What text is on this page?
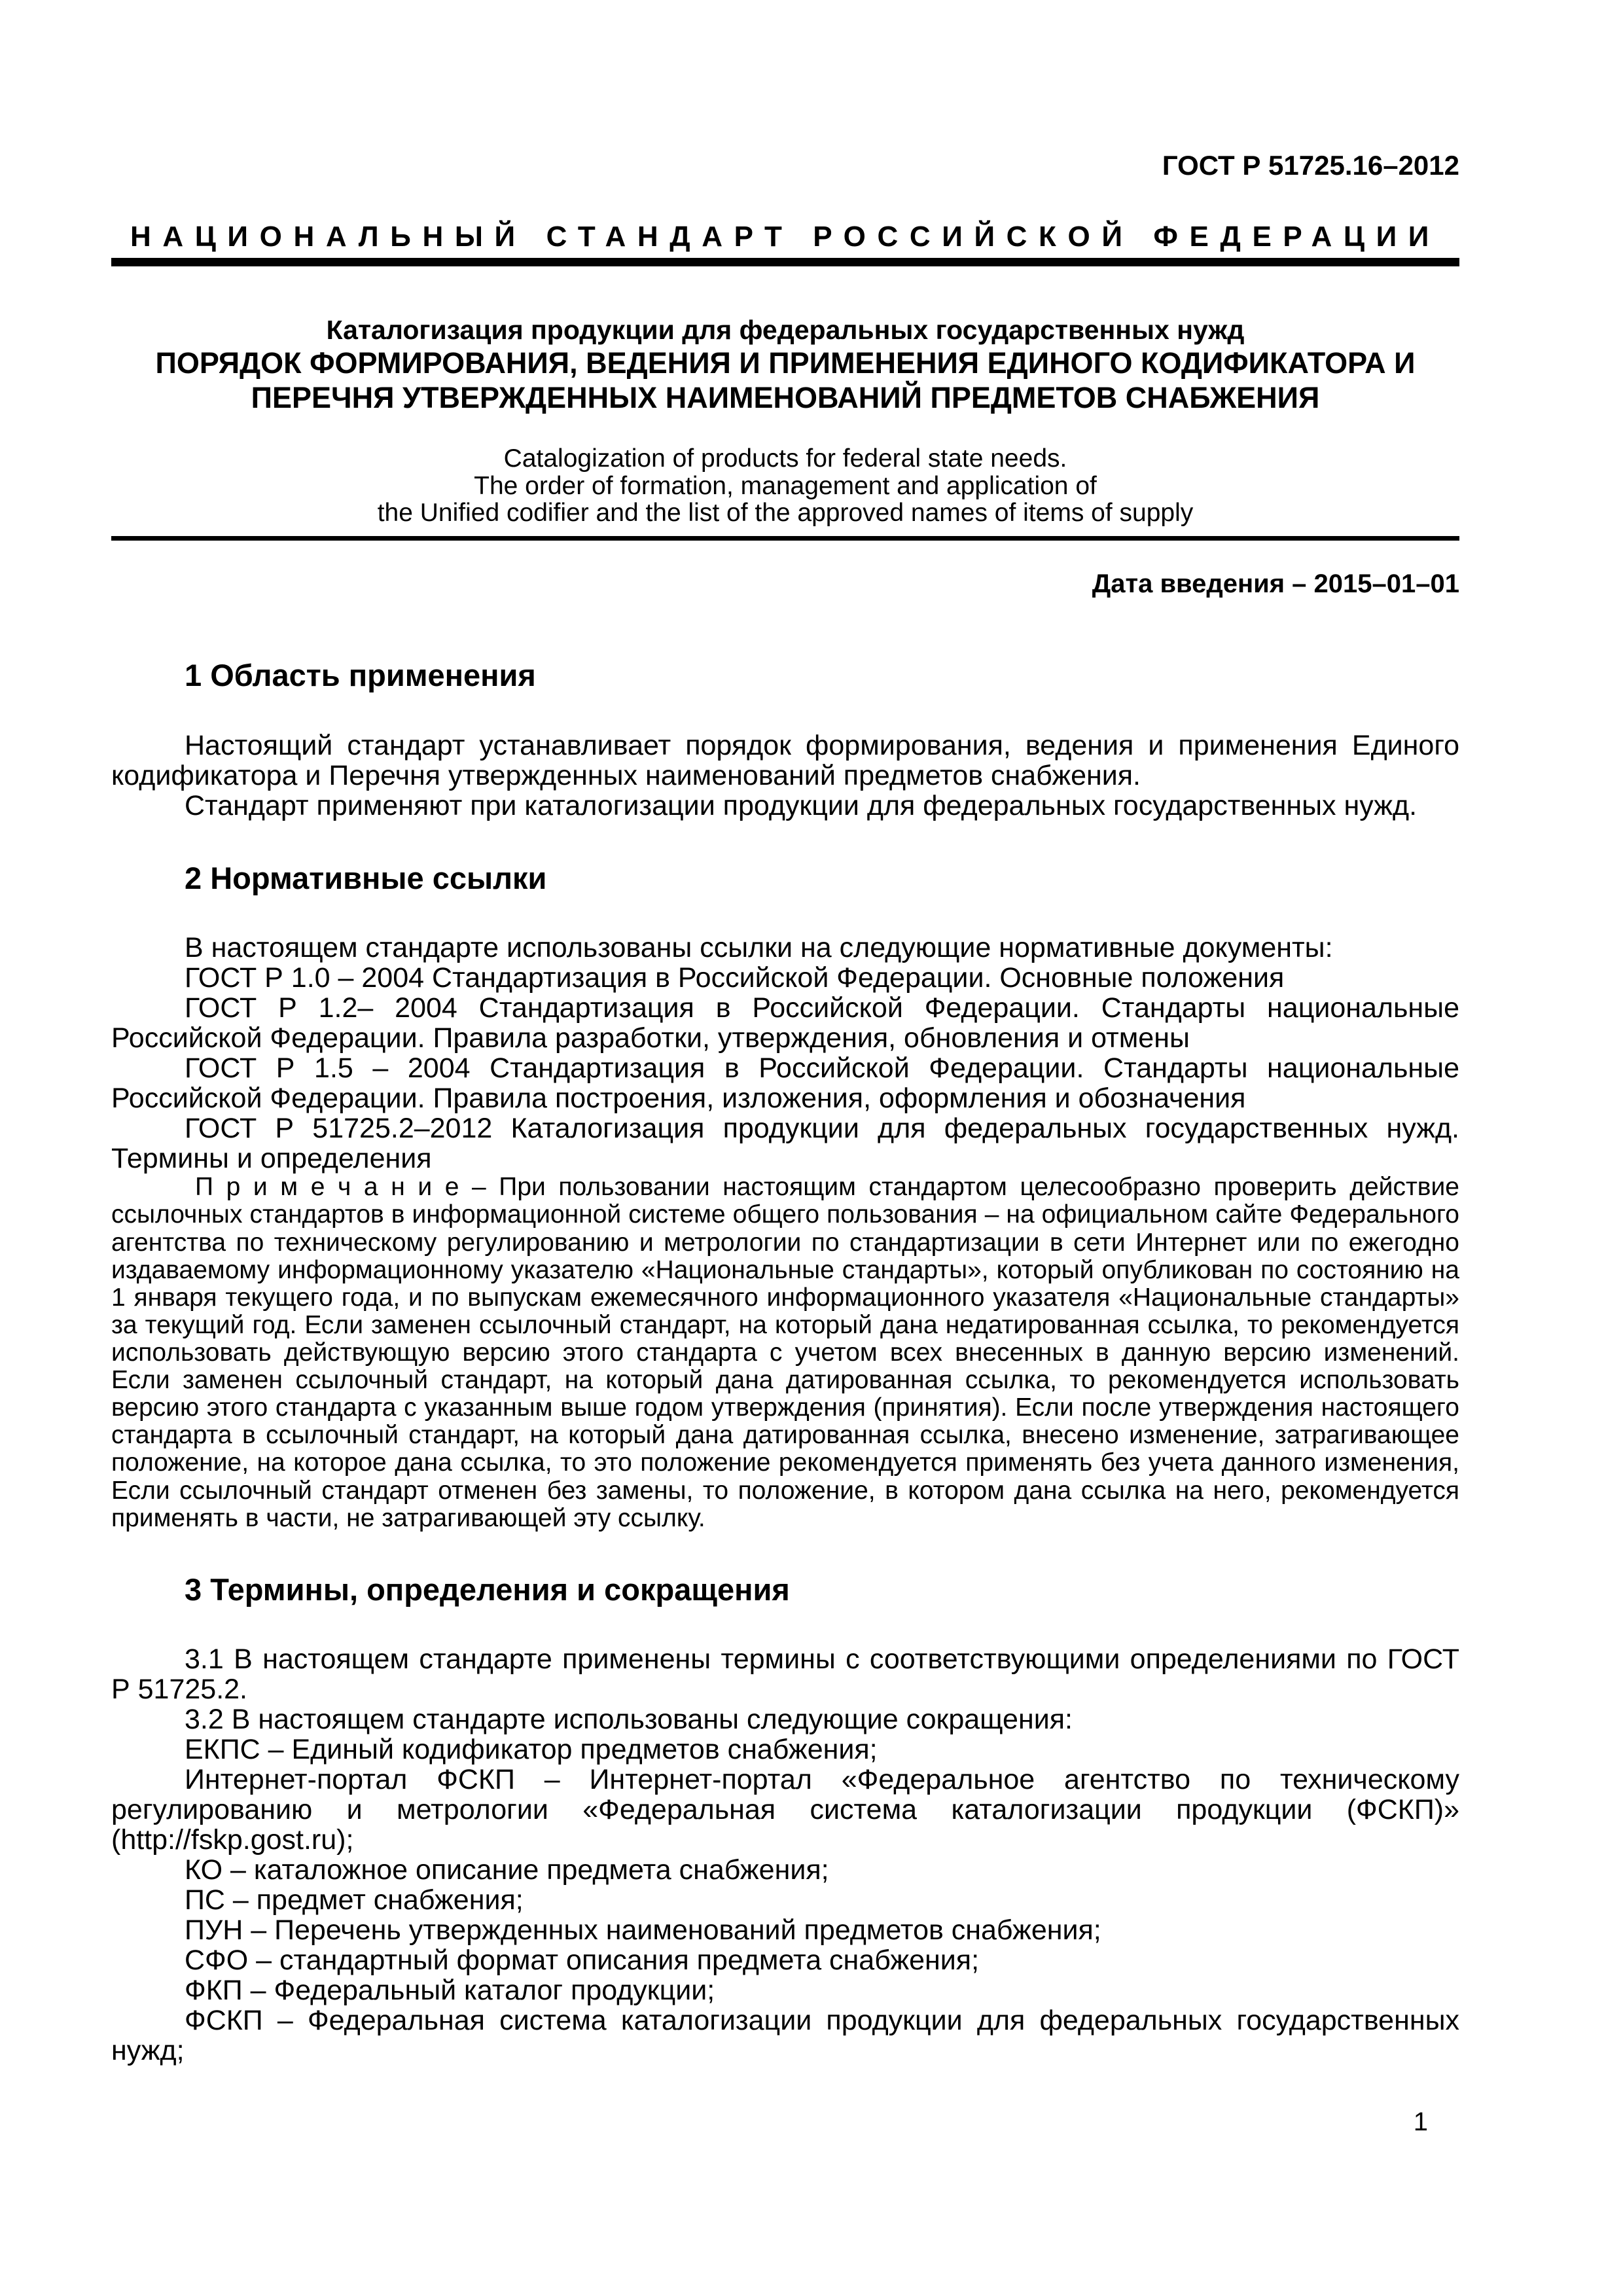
ГОСТ Р 51725.16–2012
НАЦИОНАЛЬНЫЙ СТАНДАРТ РОССИЙСКОЙ ФЕДЕРАЦИИ
Каталогизация продукции для федеральных государственных нужд
ПОРЯДОК ФОРМИРОВАНИЯ, ВЕДЕНИЯ И ПРИМЕНЕНИЯ ЕДИНОГО КОДИФИКАТОРА И
ПЕРЕЧНЯ УТВЕРЖДЕННЫХ НАИМЕНОВАНИЙ ПРЕДМЕТОВ СНАБЖЕНИЯ
Catalogization of products for federal state needs.
The order of formation, management and application of
the Unified codifier and the list of the approved names of items of supply
Дата введения – 2015–01–01
1 Область применения

Настоящий стандарт устанавливает порядок формирования, ведения и применения Единого кодификатора и Перечня утвержденных наименований предметов снабжения.

Стандарт применяют при каталогизации продукции для федеральных государственных нужд.

2 Нормативные ссылки

В настоящем стандарте использованы ссылки на следующие нормативные документы:

ГОСТ Р 1.0 – 2004 Стандартизация в Российской Федерации. Основные положения

ГОСТ Р 1.2– 2004 Стандартизация в Российской Федерации. Стандарты национальные Российской Федерации. Правила разработки, утверждения, обновления и отмены

ГОСТ Р 1.5 – 2004 Стандартизация в Российской Федерации. Стандарты национальные Российской Федерации. Правила построения, изложения, оформления и обозначения

ГОСТ Р 51725.2–2012 Каталогизация продукции для федеральных государственных нужд. Термины и определения

П р и м е ч а н и е – При пользовании настоящим стандартом целесообразно проверить действие ссылочных стандартов в информационной системе общего пользования – на официальном сайте Федерального агентства по техническому регулированию и метрологии по стандартизации в сети Интернет или по ежегодно издаваемому информационному указателю «Национальные стандарты», который опубликован по состоянию на 1 января текущего года, и по выпускам ежемесячного информационного указателя «Национальные стандарты» за текущий год. Если заменен ссылочный стандарт, на который дана недатированная ссылка, то рекомендуется использовать действующую версию этого стандарта с учетом всех внесенных в данную версию изменений. Если заменен ссылочный стандарт, на который дана датированная ссылка, то рекомендуется использовать версию этого стандарта с указанным выше годом утверждения (принятия). Если после утверждения настоящего стандарта в ссылочный стандарт, на который дана датированная ссылка, внесено изменение, затрагивающее положение, на которое дана ссылка, то это положение рекомендуется применять без учета данного изменения, Если ссылочный стандарт отменен без замены, то положение, в котором дана ссылка на него, рекомендуется применять в части, не затрагивающей эту ссылку.

3 Термины, определения и сокращения

3.1 В настоящем стандарте применены термины с соответствующими определениями по ГОСТ Р 51725.2.

3.2 В настоящем стандарте использованы следующие сокращения:

ЕКПС – Единый кодификатор предметов снабжения;

Интернет-портал ФСКП – Интернет-портал «Федеральное агентство по техническому регулированию и метрологии «Федеральная система каталогизации продукции (ФСКП)» (http://fskp.gost.ru);

КО – каталожное описание предмета снабжения;

ПС – предмет снабжения;

ПУН – Перечень утвержденных наименований предметов снабжения;

СФО – стандартный формат описания предмета снабжения;

ФКП – Федеральный каталог продукции;

ФСКП – Федеральная система каталогизации продукции для федеральных государственных нужд;

1
